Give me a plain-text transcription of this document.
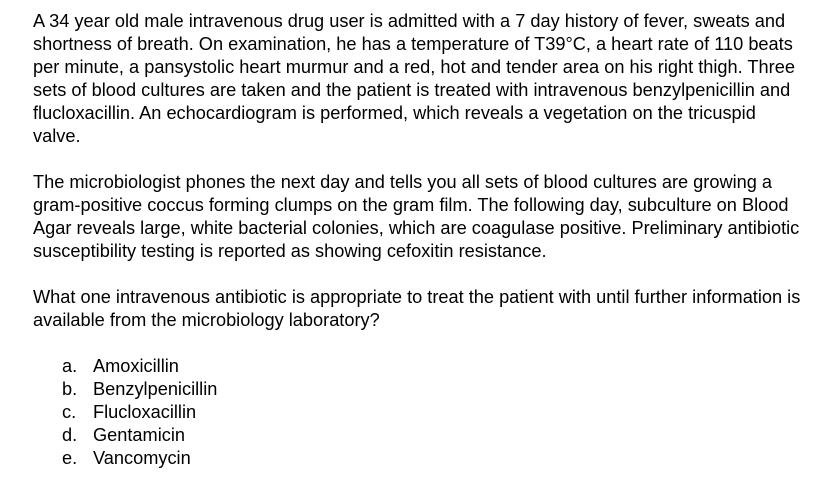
A 34 year old male intravenous drug user is admitted with a 7 day history of fever, sweats and shortness of breath. On examination, he has a temperature of T39°C, a heart rate of 110 beats per minute, a pansystolic heart murmur and a red, hot and tender area on his right thigh. Three sets of blood cultures are taken and the patient is treated with intravenous benzylpenicillin and flucloxacillin. An echocardiogram is performed, which reveals a vegetation on the tricuspid valve.

The microbiologist phones the next day and tells you all sets of blood cultures are growing a gram-positive coccus forming clumps on the gram film. The following day, subculture on Blood Agar reveals large, white bacterial colonies, which are coagulase positive. Preliminary antibiotic susceptibility testing is reported as showing cefoxitin resistance.

What one intravenous antibiotic is appropriate to treat the patient with until further information is available from the microbiology laboratory?

a. Amoxicillin
b. Benzylpenicillin
c. Flucloxacillin
d. Gentamicin
e. Vancomycin
